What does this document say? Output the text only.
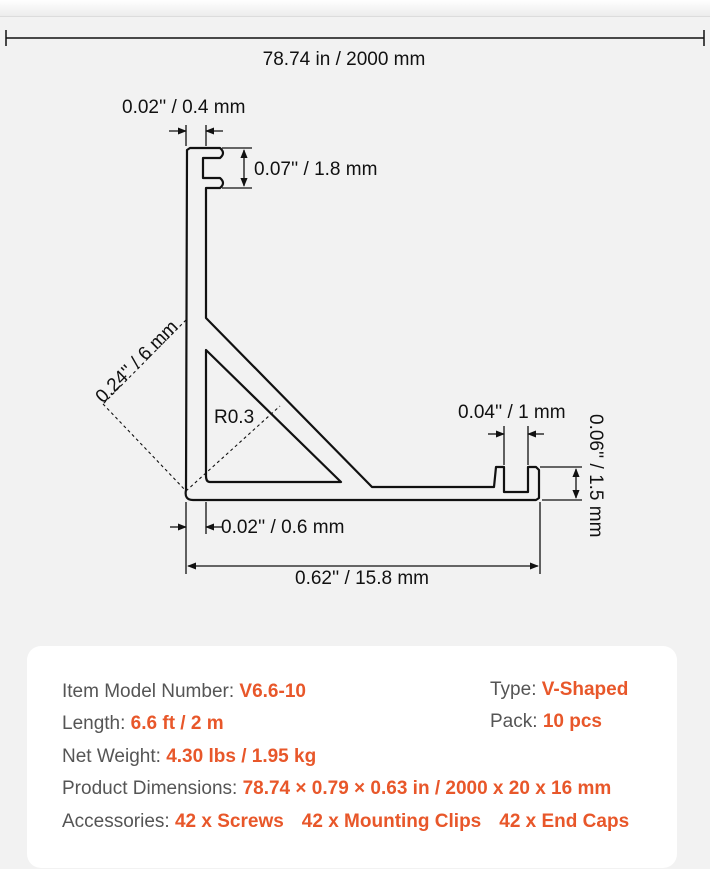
78.74 in / 2000 mm
0.02'' / 0.4 mm
0.07'' / 1.8 mm
0.24'' / 6 mm
R0.3	0.04'' / 1 mm
0.06'' / 1.5 mm
0.02'' / 0.6 mm
0.62'' / 15.8 mm
Item Model Number: V6.6-10	Type: V-Shaped
Length: 6.6 ft / 2 m	Pack: 10 pcs
Net Weight: 4.30 lbs / 1.95 kg
Product Dimensions: 78.74 × 0.79 × 0.63 in / 2000 x 20 x 16 mm
Accessories: 42 x Screws 42 x Mounting Clips 42 x End Caps
